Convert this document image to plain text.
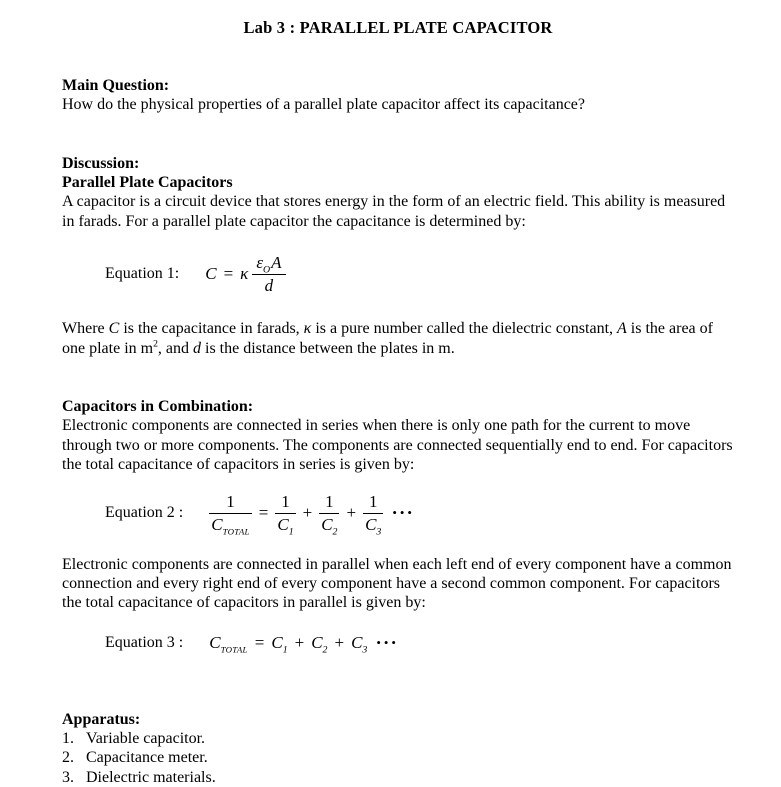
Lab 3 : PARALLEL PLATE CAPACITOR

Main Question:

How do the physical properties of a parallel plate capacitor affect its capacitance?

Discussion:

Parallel Plate Capacitors

A capacitor is a circuit device that stores energy in the form of an electric field. This ability is measured in farads. For a parallel plate capacitor the capacitance is determined by:

Equation 1: C = κ $\frac{\varepsilon_OA}{d}$

Where C is the capacitance in farads, κ is a pure number called the dielectric constant, A is the area of one plate in $m^2$, and d is the distance between the plates in m.

Capacitors in Combination:

Electronic components are connected in series when there is only one path for the current to move through two or more components. The components are connected sequentially end to end. For capacitors the total capacitance of capacitors in series is given by:

Equation 2 : $\frac{1}{C_{TOTAL}} = \frac{1}{C_1} + \frac{1}{C_2} + \frac{1}{C_3}$ •••

Electronic components are connected in parallel when each left end of every component have a common connection and every right end of every component have a second common component. For capacitors the total capacitance of capacitors in parallel is given by:

Equation 3 : $C_{TOTAL} = C_1 + C_2 + C_3$ •••

Apparatus:

1. Variable capacitor.
2. Capacitance meter.
3. Dielectric materials.
